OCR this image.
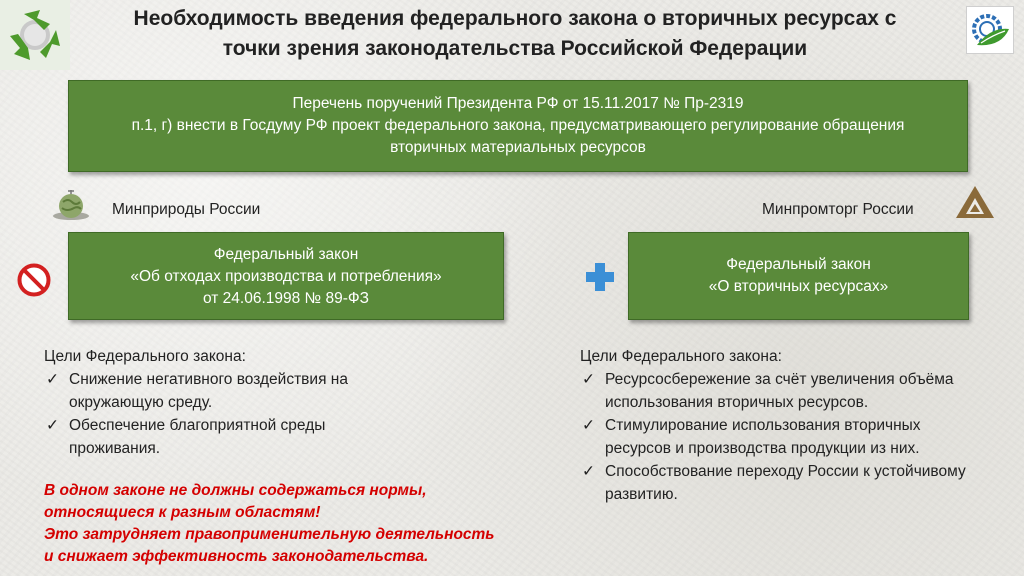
Необходимость введения федерального закона о вторичных ресурсах с
точки зрения законодательства Российской Федерации
Перечень поручений Президента РФ от 15.11.2017 № Пр-2319
п.1, г) внести в Госдуму РФ проект федерального закона, предусматривающего регулирование обращения
вторичных материальных ресурсов
Минприроды России	Минпромторг России
Федеральный закон
«Об отходах производства и потребления»
от 24.06.1998 № 89-ФЗ
Федеральный закон
«О вторичных ресурсах»
Цели Федерального закона:
✓ Снижение негативного воздействия на
окружающую среду.
✓ Обеспечение благоприятной среды
проживания.
Цели Федерального закона:
✓ Ресурсосбережение за счёт увеличения объёма
использования вторичных ресурсов.
✓ Стимулирование использования вторичных
ресурсов и производства продукции из них.
✓ Способствование переходу России к устойчивому
развитию.
В одном законе не должны содержаться нормы,
относящиеся к разным областям!
Это затрудняет правоприменительную деятельность
и снижает эффективность законодательства.
